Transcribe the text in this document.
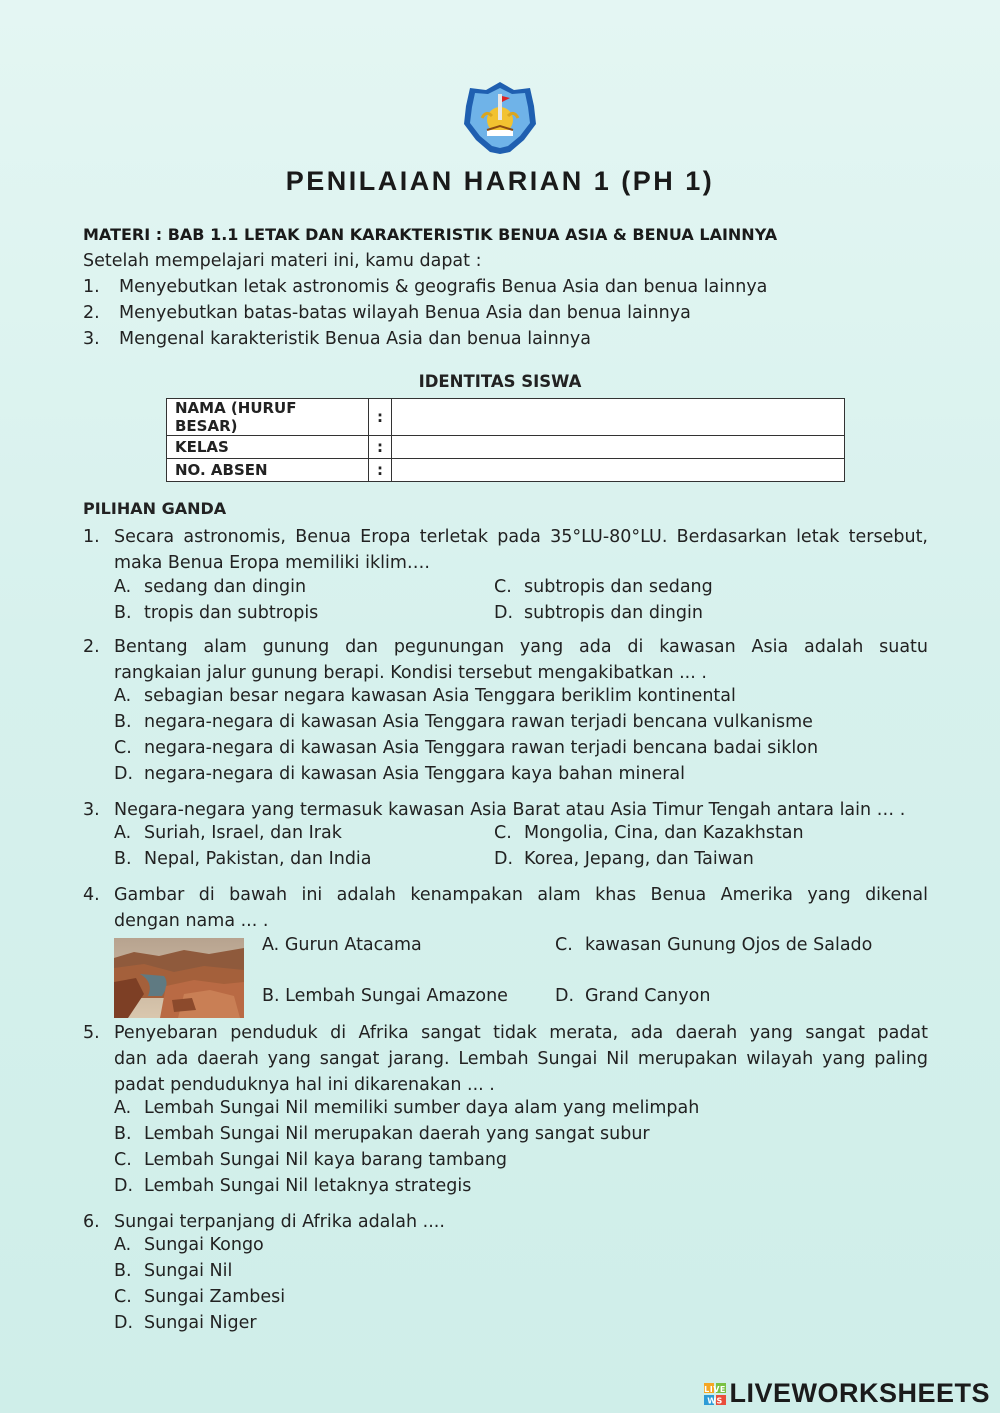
PENILAIAN HARIAN 1 (PH 1)
MATERI : BAB 1.1 LETAK DAN KARAKTERISTIK BENUA ASIA & BENUA LAINNYA
Setelah mempelajari materi ini, kamu dapat :
1. Menyebutkan letak astronomis & geografis Benua Asia dan benua lainnya
2. Menyebutkan batas-batas wilayah Benua Asia dan benua lainnya
3. Mengenal karakteristik Benua Asia dan benua lainnya
IDENTITAS SISWA
NAMA (HURUF BESAR)	:	
KELAS	:	
NO. ABSEN	:	
PILIHAN GANDA
1. Secara astronomis, Benua Eropa terletak pada 35°LU-80°LU. Berdasarkan letak tersebut,
maka Benua Eropa memiliki iklim….
A. sedang dan dingin
B. tropis dan subtropis
C. subtropis dan sedang
D. subtropis dan dingin
2. Bentang alam gunung dan pegunungan yang ada di kawasan Asia adalah suatu
rangkaian jalur gunung berapi. Kondisi tersebut mengakibatkan ... .
A. sebagian besar negara kawasan Asia Tenggara beriklim kontinental
B. negara-negara di kawasan Asia Tenggara rawan terjadi bencana vulkanisme
C. negara-negara di kawasan Asia Tenggara rawan terjadi bencana badai siklon
D. negara-negara di kawasan Asia Tenggara kaya bahan mineral
3. Negara-negara yang termasuk kawasan Asia Barat atau Asia Timur Tengah antara lain … .
A. Suriah, Israel, dan Irak
B. Nepal, Pakistan, dan India
C. Mongolia, Cina, dan Kazakhstan
D. Korea, Jepang, dan Taiwan
4. Gambar di bawah ini adalah kenampakan alam khas Benua Amerika yang dikenal
dengan nama ... .
A. Gurun Atacama
B. Lembah Sungai Amazone
C. kawasan Gunung Ojos de Salado
D. Grand Canyon
5. Penyebaran penduduk di Afrika sangat tidak merata, ada daerah yang sangat padat
dan ada daerah yang sangat jarang. Lembah Sungai Nil merupakan wilayah yang paling
padat penduduknya hal ini dikarenakan ... .
A. Lembah Sungai Nil memiliki sumber daya alam yang melimpah
B. Lembah Sungai Nil merupakan daerah yang sangat subur
C. Lembah Sungai Nil kaya barang tambang
D. Lembah Sungai Nil letaknya strategis
6. Sungai terpanjang di Afrika adalah ....
A. Sungai Kongo
B. Sungai Nil
C. Sungai Zambesi
D. Sungai Niger
LIVE
WS LIVEWORKSHEETS
